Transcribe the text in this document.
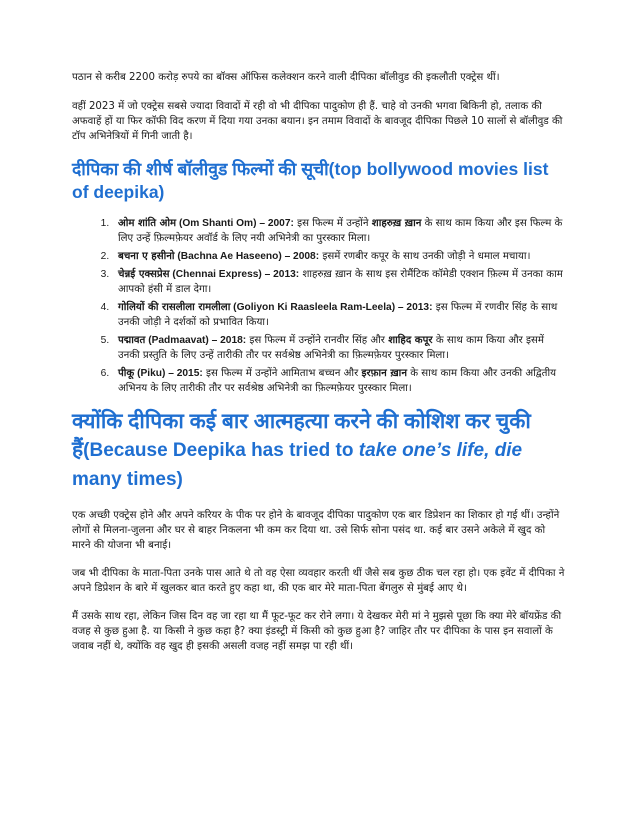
पठान से करीब 2200 करोड़ रुपये का बॉक्स ऑफिस कलेक्शन करने वाली दीपिका बॉलीवुड की इकलौती एक्ट्रेस थीं।

वहीं 2023 में जो एक्ट्रेस सबसे ज्यादा विवादों में रही वो भी दीपिका पादुकोण ही हैं. चाहे वो उनकी भगवा बिकिनी हो, तलाक की अफवाहें हों या फिर कॉफी विद करण में दिया गया उनका बयान। इन तमाम विवादों के बावजूद दीपिका पिछले 10 सालों से बॉलीवुड की टॉप अभिनेत्रियों में गिनी जाती है।

दीपिका की शीर्ष बॉलीवुड फिल्मों की सूची(top bollywood movies list of deepika)
1. ओम शांति ओम (Om Shanti Om) – 2007: इस फिल्म में उन्होंने शाहरुख़ ख़ान के साथ काम किया और इस फिल्म के लिए उन्हें फ़िल्मफ़ेयर अवॉर्ड के लिए नयी अभिनेत्री का पुरस्कार मिला।
2. बचना ए हसीनो (Bachna Ae Haseeno) – 2008: इसमें रणबीर कपूर के साथ उनकी जोड़ी ने धमाल मचाया।
3. चेन्नई एक्सप्रेस (Chennai Express) – 2013: शाहरुख़ ख़ान के साथ इस रोमैंटिक कॉमेडी एक्शन फ़िल्म में उनका काम आपको हंसी में डाल देगा।
4. गोलियों की रासलीला रामलीला (Goliyon Ki Raasleela Ram-Leela) – 2013: इस फिल्म में रणवीर सिंह के साथ उनकी जोड़ी ने दर्शकों को प्रभावित किया।
5. पद्मावत (Padmaavat) – 2018: इस फिल्म में उन्होंने रानवीर सिंह और शाहिद कपूर के साथ काम किया और इसमें उनकी प्रस्तुति के लिए उन्हें तारीकी तौर पर सर्वश्रेष्ठ अभिनेत्री का फ़िल्मफ़ेयर पुरस्कार मिला।
6. पीकू (Piku) – 2015: इस फिल्म में उन्होंने आमिताभ बच्चन और इरफ़ान ख़ान के साथ काम किया और उनकी अद्वितीय अभिनय के लिए तारीकी तौर पर सर्वश्रेष्ठ अभिनेत्री का फ़िल्मफ़ेयर पुरस्कार मिला।
क्योंकि दीपिका कई बार आत्महत्या करने की कोशिश कर चुकी हैं(Because Deepika has tried to take one’s life, die many times)

एक अच्छी एक्ट्रेस होने और अपने करियर के पीक पर होने के बावजूद दीपिका पादुकोण एक बार डिप्रेशन का शिकार हो गई थीं। उन्होंने लोगों से मिलना-जुलना और घर से बाहर निकलना भी कम कर दिया था. उसे सिर्फ सोना पसंद था. कई बार उसने अकेले में खुद को मारने की योजना भी बनाई।

जब भी दीपिका के माता-पिता उनके पास आते थे तो वह ऐसा व्यवहार करती थीं जैसे सब कुछ ठीक चल रहा हो। एक इवेंट में दीपिका ने अपने डिप्रेशन के बारे में खुलकर बात करते हुए कहा था, की एक बार मेरे माता-पिता बेंगलुरु से मुंबई आए थे।

मैं उसके साथ रहा, लेकिन जिस दिन वह जा रहा था मैं फूट-फूट कर रोने लगा। ये देखकर मेरी मां ने मुझसे पूछा कि क्या मेरे बॉयफ्रेंड की वजह से कुछ हुआ है. या किसी ने कुछ कहा है? क्या इंडस्ट्री में किसी को कुछ हुआ है? जाहिर तौर पर दीपिका के पास इन सवालों के जवाब नहीं थे, क्योंकि वह खुद ही इसकी असली वजह नहीं समझ पा रही थीं।
